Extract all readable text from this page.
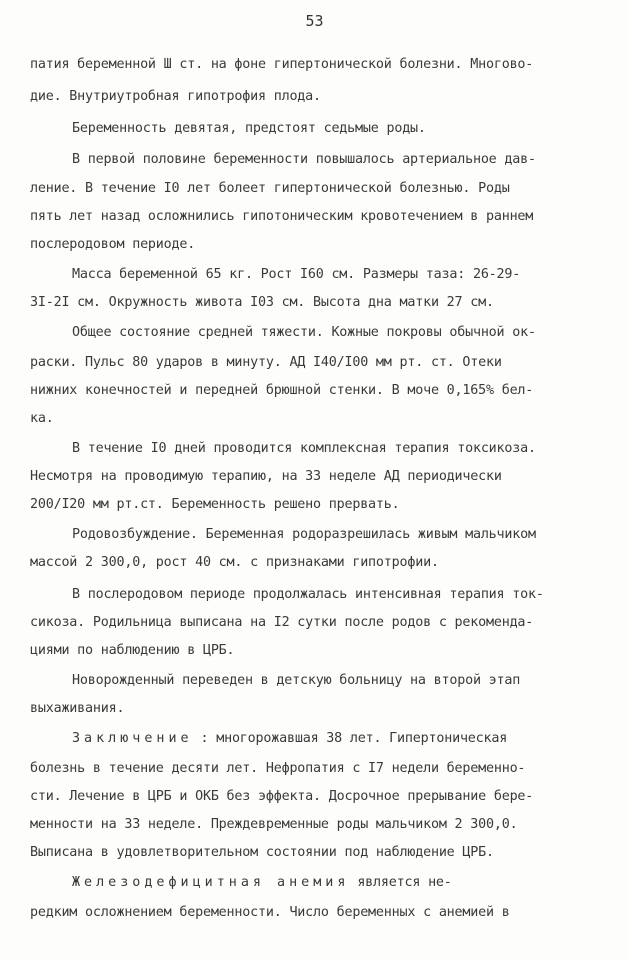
53
патия беременной Ш ст. на фоне гипертонической болезни. Многово-
дие. Внутриутробная гипотрофия плода.
Беременность девятая, предстоят седьмые роды.
В первой половине беременности повышалось артериальное дав-
ление. В течение I0 лет болеет гипертонической болезнью. Роды
пять лет назад осложнились гипотоническим кровотечением в раннем
послеродовом периоде.
Масса беременной 65 кг. Рост I60 см. Размеры таза: 26-29-
3I-2I см. Окружность живота I03 см. Высота дна матки 27 см.
Общее состояние средней тяжести. Кожные покровы обычной ок-
раски. Пульс 80 ударов в минуту. АД I40/I00 мм рт. ст. Отеки
нижних конечностей и передней брюшной стенки. В моче 0,165% бел-
ка.
В течение I0 дней проводится комплексная терапия токсикоза.
Несмотря на проводимую терапию, на 33 неделе АД периодически
200/I20 мм рт.ст. Беременность решено прервать.
Родовозбуждение. Беременная родоразрешилась живым мальчиком
массой 2 300,0, рост 40 см. с признаками гипотрофии.
В послеродовом периоде продолжалась интенсивная терапия ток-
сикоза. Родильница выписана на I2 сутки после родов с рекоменда-
циями по наблюдению в ЦРБ.
Новорожденный переведен в детскую больницу на второй этап
выхаживания.
Заключение : многорожавшая 38 лет. Гипертоническая
болезнь в течение десяти лет. Нефропатия с I7 недели беременно-
сти. Лечение в ЦРБ и ОКБ без эффекта. Досрочное прерывание бере-
менности на 33 неделе. Преждевременные роды мальчиком 2 300,0.
Выписана в удовлетворительном состоянии под наблюдение ЦРБ.
Железодефицитная анемия является не-
редким осложнением беременности. Число беременных с анемией в
